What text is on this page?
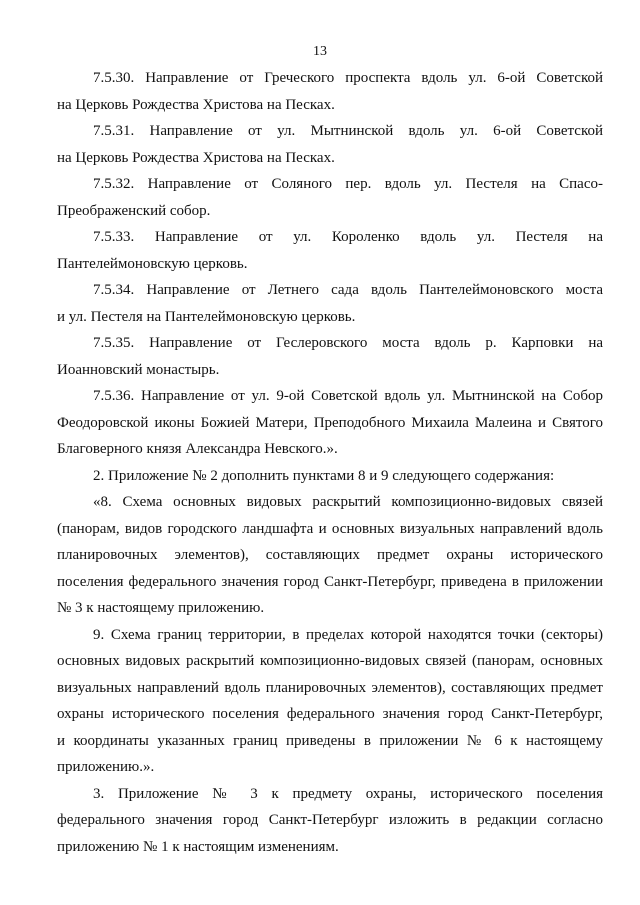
13
7.5.30. Направление от Греческого проспекта вдоль ул. 6-ой Советской
на Церковь Рождества Христова на Песках.
7.5.31. Направление от ул. Мытнинской вдоль ул. 6-ой Советской
на Церковь Рождества Христова на Песках.
7.5.32. Направление от Соляного пер. вдоль ул. Пестеля на Спасо-
Преображенский собор.
7.5.33. Направление от ул. Короленко вдоль ул. Пестеля на
Пантелеймоновскую церковь.
7.5.34. Направление от Летнего сада вдоль Пантелеймоновского моста
и ул. Пестеля на Пантелеймоновскую церковь.
7.5.35. Направление от Геслеровского моста вдоль р. Карповки на
Иоанновский монастырь.
7.5.36. Направление от ул. 9-ой Советской вдоль ул. Мытнинской на Собор
Феодоровской иконы Божией Матери, Преподобного Михаила Малеина и Святого
Благоверного князя Александра Невского.».
2. Приложение № 2 дополнить пунктами 8 и 9 следующего содержания:
«8. Схема основных видовых раскрытий композиционно-видовых связей
(панорам, видов городского ландшафта и основных визуальных направлений вдоль
планировочных элементов), составляющих предмет охраны исторического
поселения федерального значения город Санкт-Петербург, приведена в приложении
№ 3 к настоящему приложению.
9. Схема границ территории, в пределах которой находятся точки (секторы)
основных видовых раскрытий композиционно-видовых связей (панорам, основных
визуальных направлений вдоль планировочных элементов), составляющих предмет
охраны исторического поселения федерального значения город Санкт-Петербург,
и координаты указанных границ приведены в приложении № 6 к настоящему
приложению.».
3. Приложение № 3 к предмету охраны, исторического поселения
федерального значения город Санкт-Петербург изложить в редакции согласно
приложению № 1 к настоящим изменениям.
